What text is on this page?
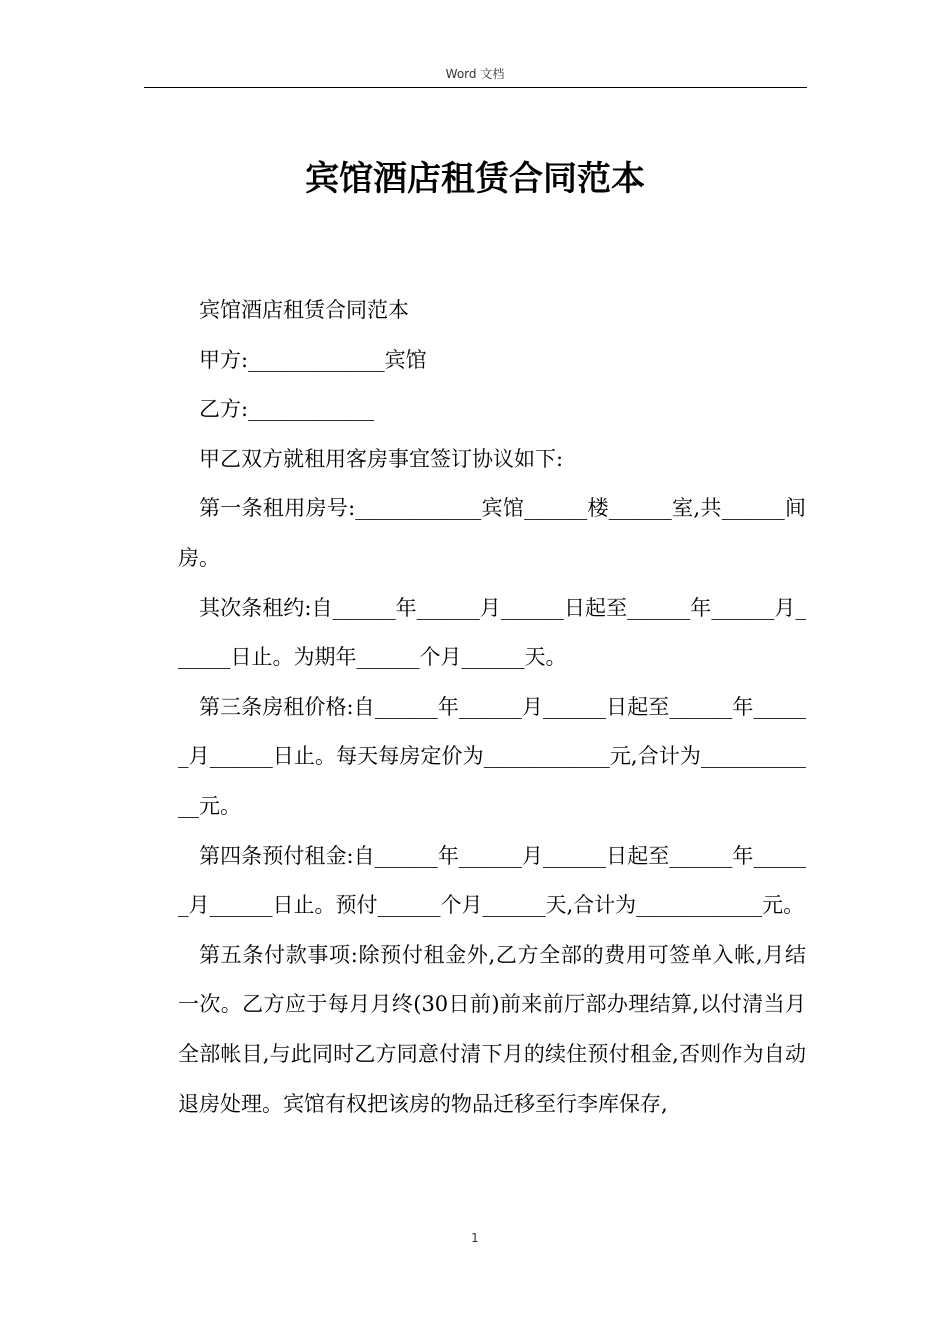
Word 文档
宾馆酒店租赁合同范本

宾馆酒店租赁合同范本

甲方:_____________宾馆

乙方:____________

甲乙双方就租用客房事宜签订协议如下:

第一条租用房号:____________宾馆______楼______室,共______间房。

其次条租约:自______年______月______日起至______年______月______日止。为期年______个月______天。

第三条房租价格:自______年______月______日起至______年______月______日止。每天每房定价为____________元,合计为____________元。

第四条预付租金:自______年______月______日起至______年______月______日止。预付______个月______天,合计为____________元。

第五条付款事项:除预付租金外,乙方全部的费用可签单入帐,月结一次。乙方应于每月月终(30日前)前来前厅部办理结算,以付清当月全部帐目,与此同时乙方同意付清下月的续住预付租金,否则作为自动退房处理。宾馆有权把该房的物品迁移至行李库保存,

1
